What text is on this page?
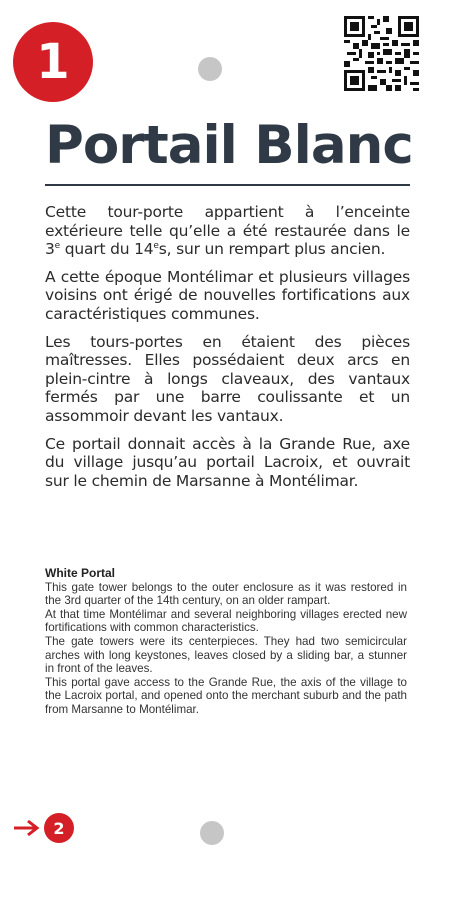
1
Portail Blanc

Cette tour-porte appartient à l’enceinte extérieure telle qu’elle a été restaurée dans le 3e quart du 14es, sur un rempart plus ancien.

A cette époque Montélimar et plusieurs villages voisins ont érigé de nouvelles fortifications aux caractéristiques communes.

Les tours-portes en étaient des pièces maîtresses. Elles possédaient deux arcs en plein-cintre à longs claveaux, des vantaux fermés par une barre coulissante et un assommoir devant les vantaux.

Ce portail donnait accès à la Grande Rue, axe du village jusqu’au portail Lacroix, et ouvrait sur le chemin de Marsanne à Montélimar.

White Portal

This gate tower belongs to the outer enclosure as it was restored in the 3rd quarter of the 14th century, on an older rampart.

At that time Montélimar and several neighboring villages erected new fortifications with common characteristics.

The gate towers were its centerpieces. They had two semicircular arches with long keystones, leaves closed by a sliding bar, a stunner in front of the leaves.

This portal gave access to the Grande Rue, the axis of the village to the Lacroix portal, and opened onto the merchant suburb and the path from Marsanne to Montélimar.

2
